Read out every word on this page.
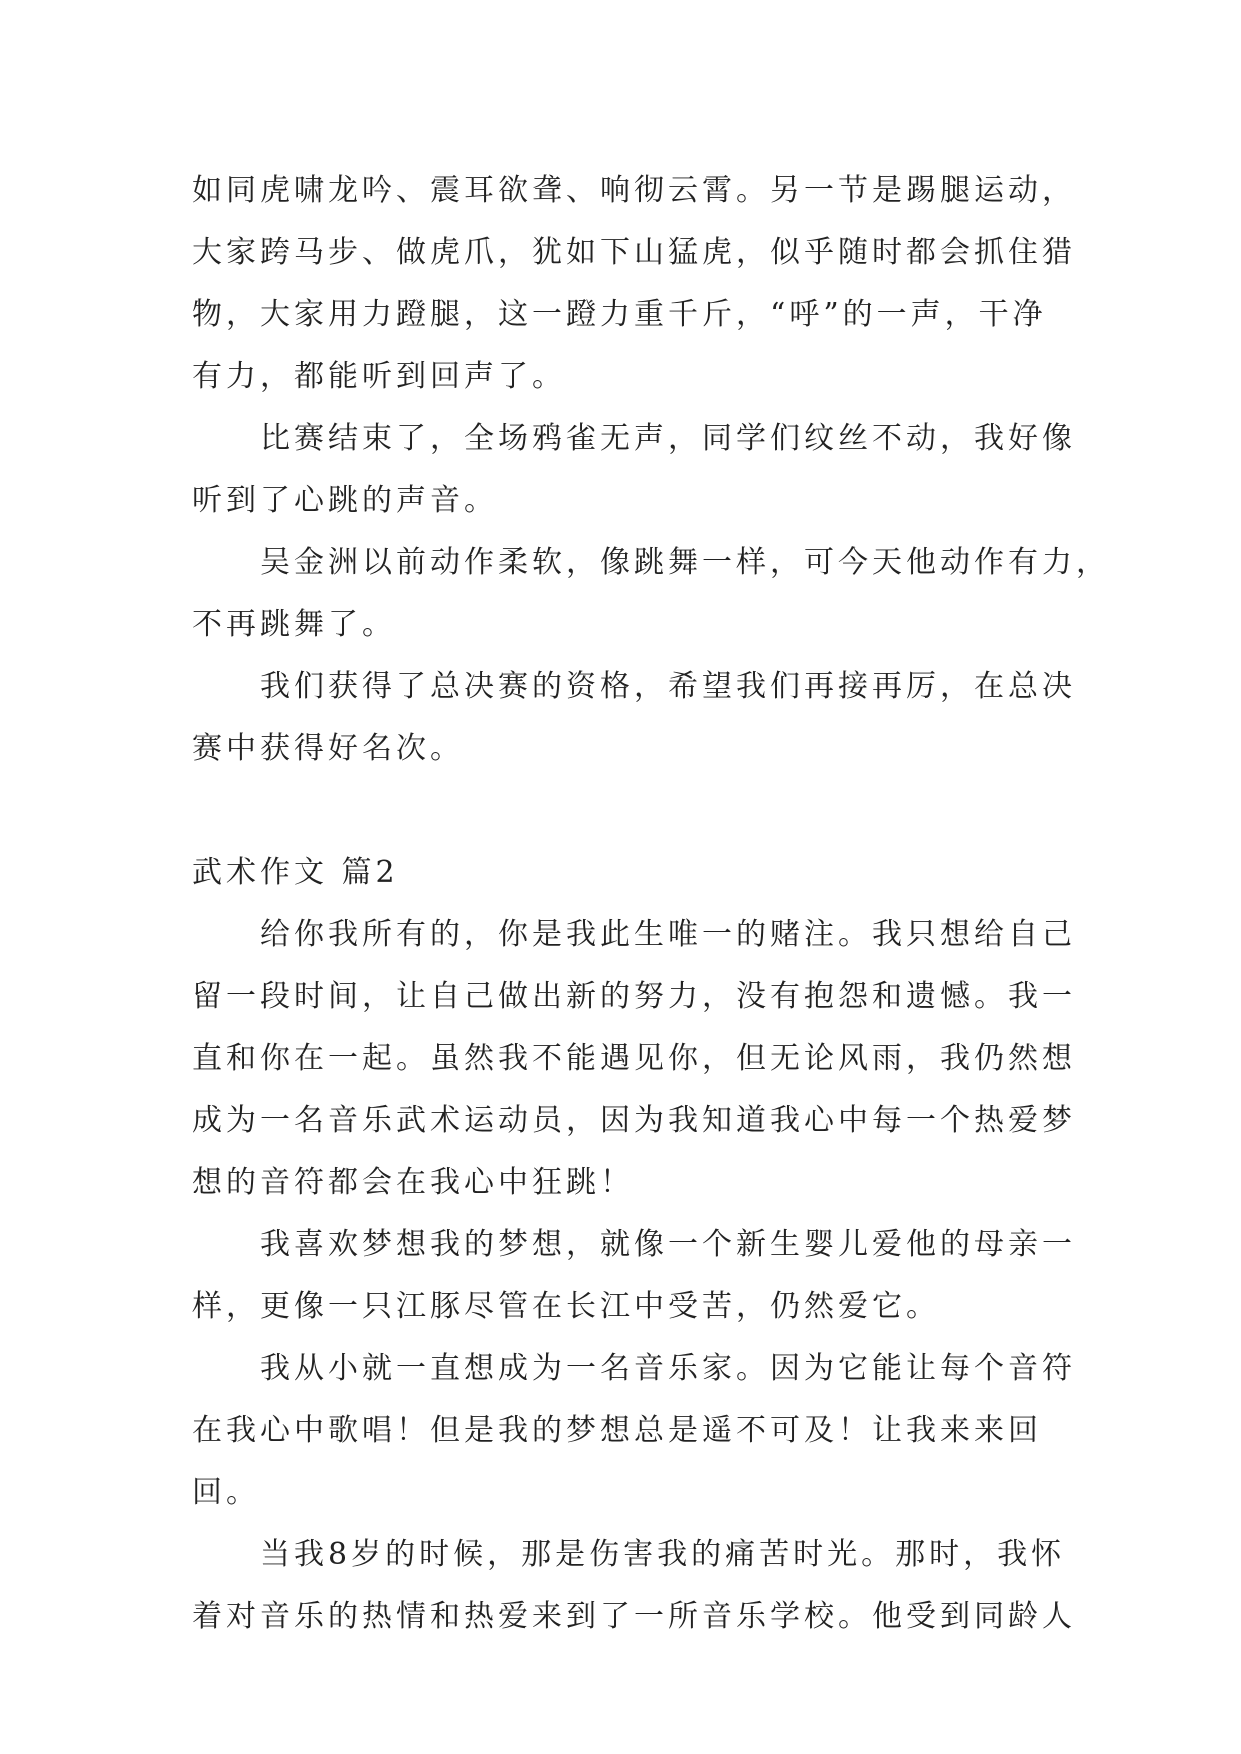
如同虎啸龙吟、震耳欲聋、响彻云霄。另一节是踢腿运动，
大家跨马步、做虎爪，犹如下山猛虎，似乎随时都会抓住猎
物，大家用力蹬腿，这一蹬力重千斤，“呼”的一声，干净
有力，都能听到回声了。
比赛结束了，全场鸦雀无声，同学们纹丝不动，我好像
听到了心跳的声音。
吴金洲以前动作柔软，像跳舞一样，可今天他动作有力，
不再跳舞了。
我们获得了总决赛的资格，希望我们再接再厉，在总决
赛中获得好名次。
武术作文 篇2
给你我所有的，你是我此生唯一的赌注。我只想给自己
留一段时间，让自己做出新的努力，没有抱怨和遗憾。我一
直和你在一起。虽然我不能遇见你，但无论风雨，我仍然想
成为一名音乐武术运动员，因为我知道我心中每一个热爱梦
想的音符都会在我心中狂跳！
我喜欢梦想我的梦想，就像一个新生婴儿爱他的母亲一
样，更像一只江豚尽管在长江中受苦，仍然爱它。
我从小就一直想成为一名音乐家。因为它能让每个音符
在我心中歌唱！但是我的梦想总是遥不可及！让我来来回
回。
当我8岁的时候，那是伤害我的痛苦时光。那时，我怀
着对音乐的热情和热爱来到了一所音乐学校。他受到同龄人
